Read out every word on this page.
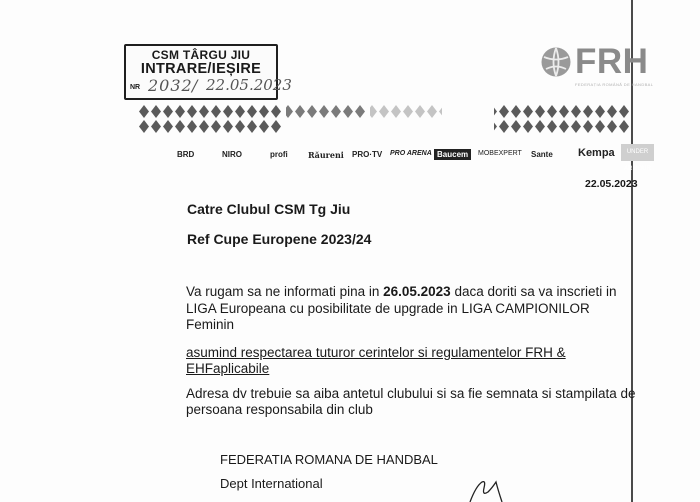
CSM TÂRGU JIU
INTRARE/IEȘIRE
NR 2032 / 22.05.2023
FRH
FEDERAȚIA ROMÂNĂ DE HANDBAL
BRD	NIRO	profi	Răureni PRO·TV PRO ARENA Baucem	MOBEXPERT Sante Kempa	UNDER ARMOUR
22.05.2023
Catre Clubul CSM Tg Jiu
Ref Cupe Europene 2023/24
Va rugam sa ne informati pina in 26.05.2023 daca doriti sa va inscrieti in
LIGA Europeana cu posibilitate de upgrade in LIGA CAMPIONILOR
Feminin
asumind respectarea tuturor cerintelor si regulamentelor FRH &
EHFaplicabile
Adresa dv trebuie sa aiba antetul clubului si sa fie semnata si stampilata de
persoana responsabila din club
FEDERATIA ROMANA DE HANDBAL
Dept International
